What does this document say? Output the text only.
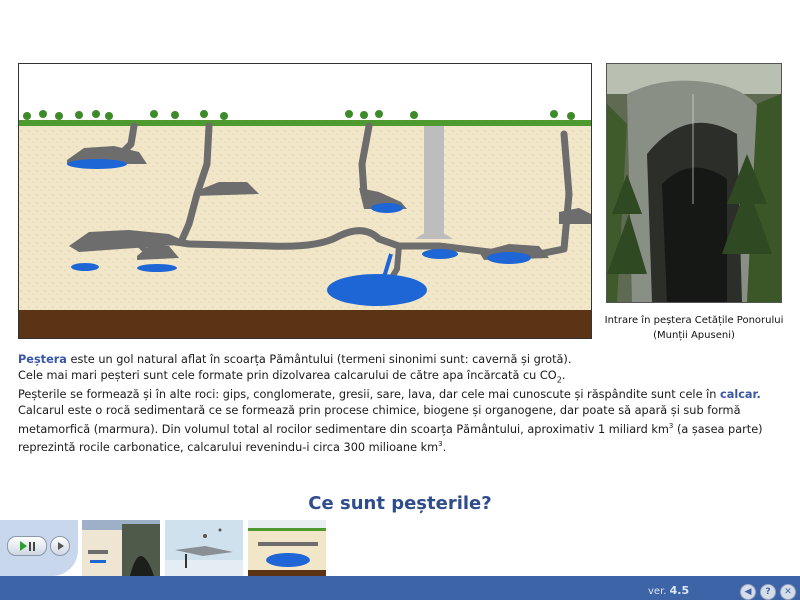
Intrare în peștera Cetățile Ponorului
(Munții Apuseni)

Peștera este un gol natural aflat în scoarța Pământului (termeni sinonimi sunt: cavernă și grotă).

Cele mai mari peșteri sunt cele formate prin dizolvarea calcarului de către apa încărcată cu $CO_2$.

Peșterile se formează și în alte roci: gips, conglomerate, gresii, sare, lava, dar cele mai cunoscute și răspândite sunt cele în calcar.

Calcarul este o rocă sedimentară ce se formează prin procese chimice, biogene și organogene, dar poate să apară și sub formă metamorfică (marmura). Din volumul total al rocilor sedimentare din scoarța Pământului, aproximativ 1 miliard $km^3$ (a șasea parte) reprezintă rocile carbonatice, calcarului revenindu-i circa 300 milioane $km^3$.

Ce sunt peșterile?
ver. 4.5	◀ ? ✕
